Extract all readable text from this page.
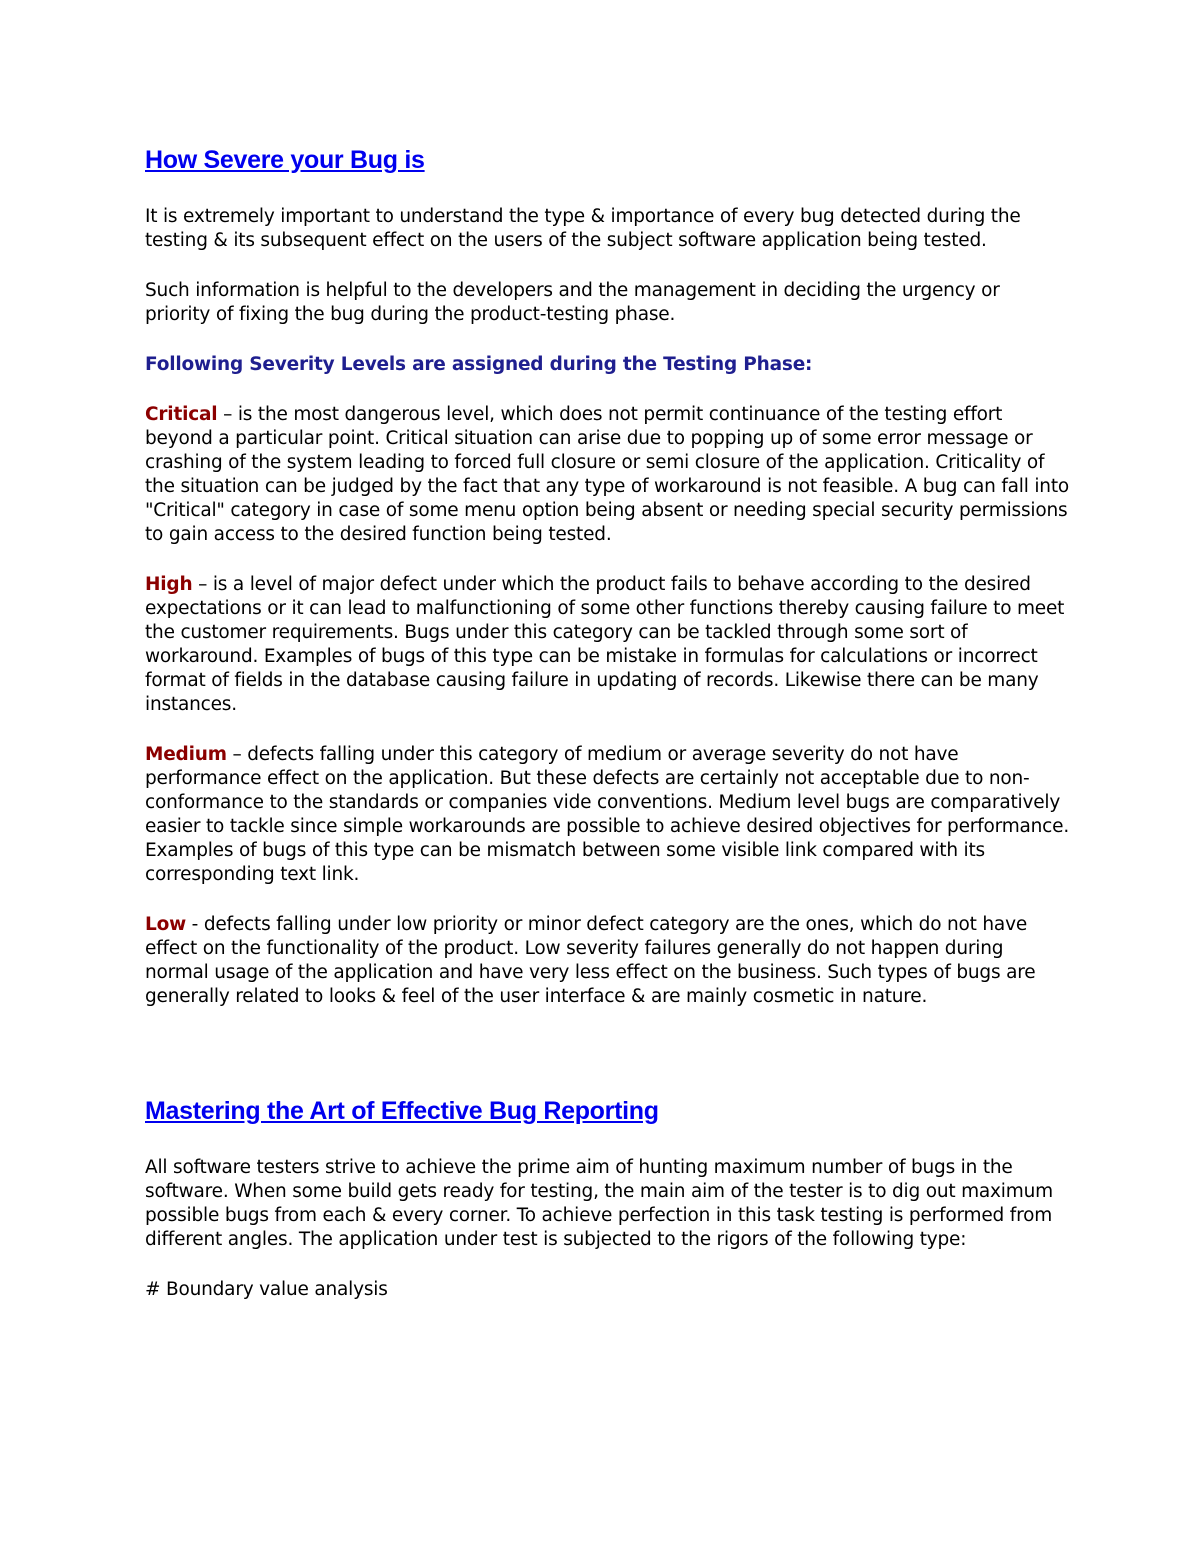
How Severe your Bug is

It is extremely important to understand the type & importance of every bug detected during the testing & its subsequent effect on the users of the subject software application being tested.

Such information is helpful to the developers and the management in deciding the urgency or priority of fixing the bug during the product-testing phase.

Following Severity Levels are assigned during the Testing Phase:

Critical – is the most dangerous level, which does not permit continuance of the testing effort beyond a particular point. Critical situation can arise due to popping up of some error message or crashing of the system leading to forced full closure or semi closure of the application. Criticality of the situation can be judged by the fact that any type of workaround is not feasible. A bug can fall into "Critical" category in case of some menu option being absent or needing special security permissions to gain access to the desired function being tested.

High – is a level of major defect under which the product fails to behave according to the desired expectations or it can lead to malfunctioning of some other functions thereby causing failure to meet the customer requirements. Bugs under this category can be tackled through some sort of workaround. Examples of bugs of this type can be mistake in formulas for calculations or incorrect format of fields in the database causing failure in updating of records. Likewise there can be many instances.

Medium – defects falling under this category of medium or average severity do not have performance effect on the application. But these defects are certainly not acceptable due to non-conformance to the standards or companies vide conventions. Medium level bugs are comparatively easier to tackle since simple workarounds are possible to achieve desired objectives for performance. Examples of bugs of this type can be mismatch between some visible link compared with its corresponding text link.

Low - defects falling under low priority or minor defect category are the ones, which do not have effect on the functionality of the product. Low severity failures generally do not happen during normal usage of the application and have very less effect on the business. Such types of bugs are generally related to looks & feel of the user interface & are mainly cosmetic in nature.

Mastering the Art of Effective Bug Reporting

All software testers strive to achieve the prime aim of hunting maximum number of bugs in the software. When some build gets ready for testing, the main aim of the tester is to dig out maximum possible bugs from each & every corner. To achieve perfection in this task testing is performed from different angles. The application under test is subjected to the rigors of the following type:

# Boundary value analysis
